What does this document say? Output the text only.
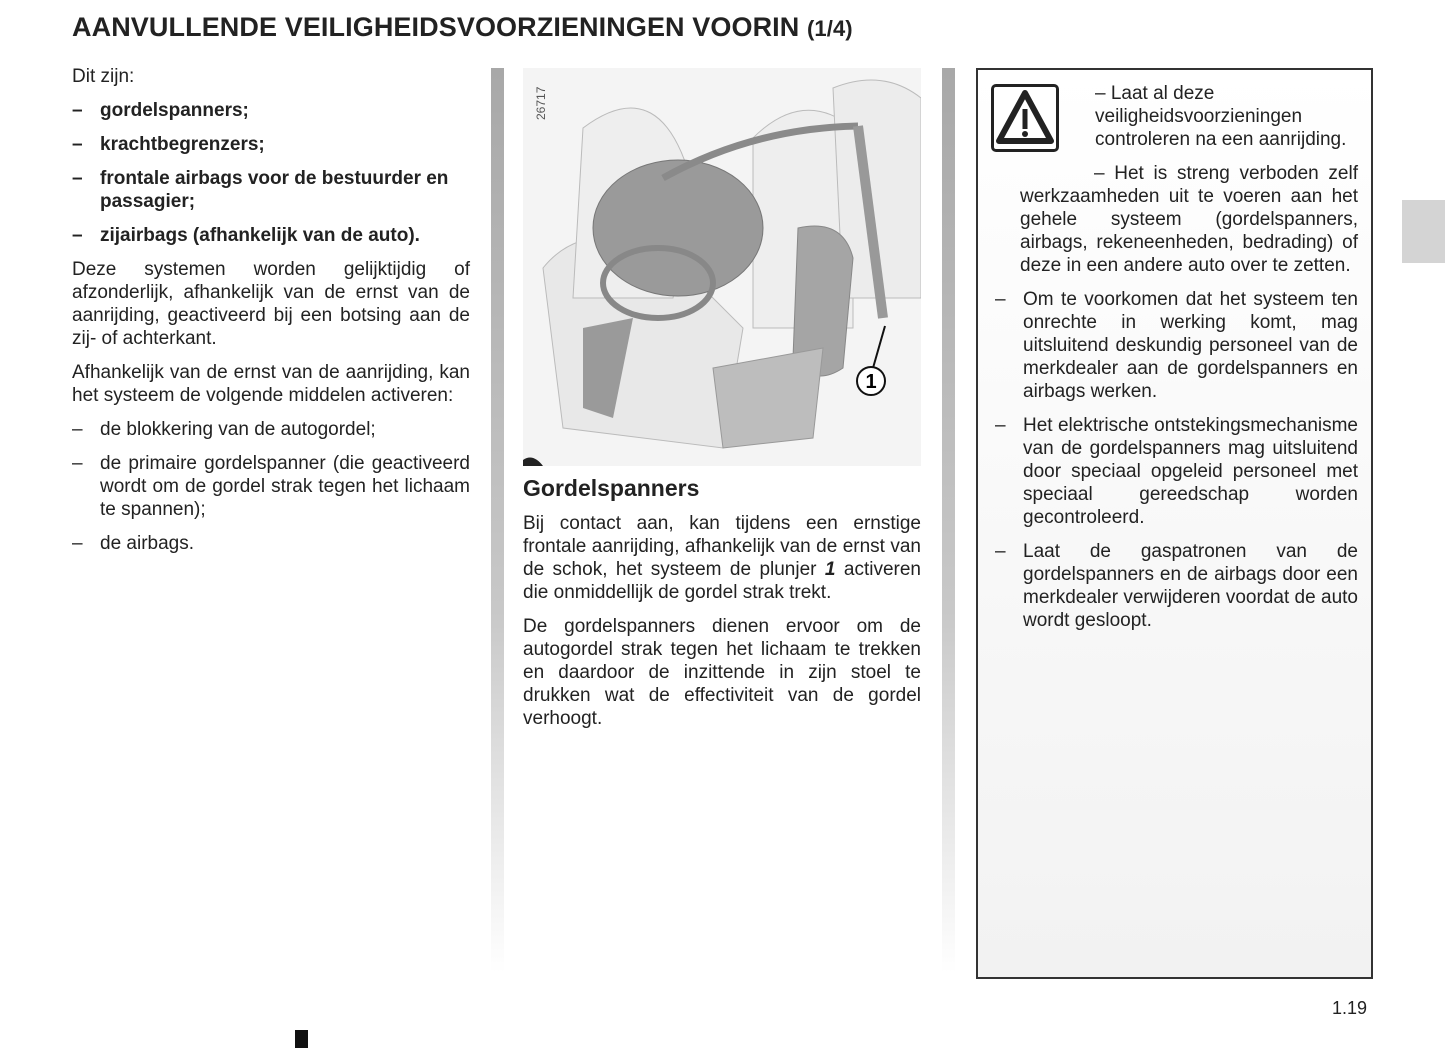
AANVULLENDE VEILIGHEIDSVOORZIENINGEN VOORIN (1/4)

Dit zijn:

– gordelspanners;
– krachtbegrenzers;
– frontale airbags voor de bestuurder en passagier;
– zijairbags (afhankelijk van de auto).

Deze systemen worden gelijktijdig of afzonderlijk, afhankelijk van de ernst van de aanrijding, geactiveerd bij een botsing aan de zij- of achterkant.

Afhankelijk van de ernst van de aanrijding, kan het systeem de volgende middelen activeren:

– de blokkering van de autogordel;
– de primaire gordelspanner (die geactiveerd wordt om de gordel strak tegen het lichaam te spannen);
– de airbags.
1
26717
Gordelspanners

Bij contact aan, kan tijdens een ernstige frontale aanrijding, afhankelijk van de ernst van de schok, het systeem de plunjer 1 activeren die onmiddellijk de gordel strak trekt.

De gordelspanners dienen ervoor om de autogordel strak tegen het lichaam te trekken en daardoor de inzittende in zijn stoel te drukken wat de effectiviteit van de gordel verhoogt.

– Laat al deze veiligheidsvoorzieningen controleren na een aanrijding.

– Het is streng verboden zelf werkzaamheden uit te voeren aan het gehele systeem (gordelspanners, airbags, rekeneenheden, bedrading) of deze in een andere auto over te zetten.

– Om te voorkomen dat het systeem ten onrechte in werking komt, mag uitsluitend deskundig personeel van de merkdealer aan de gordelspanners en airbags werken.
– Het elektrische ontstekingsmechanisme van de gordelspanners mag uitsluitend door speciaal opgeleid personeel met speciaal gereedschap worden gecontroleerd.
– Laat de gaspatronen van de gordelspanners en de airbags door een merkdealer verwijderen voordat de auto wordt gesloopt.
1.19
